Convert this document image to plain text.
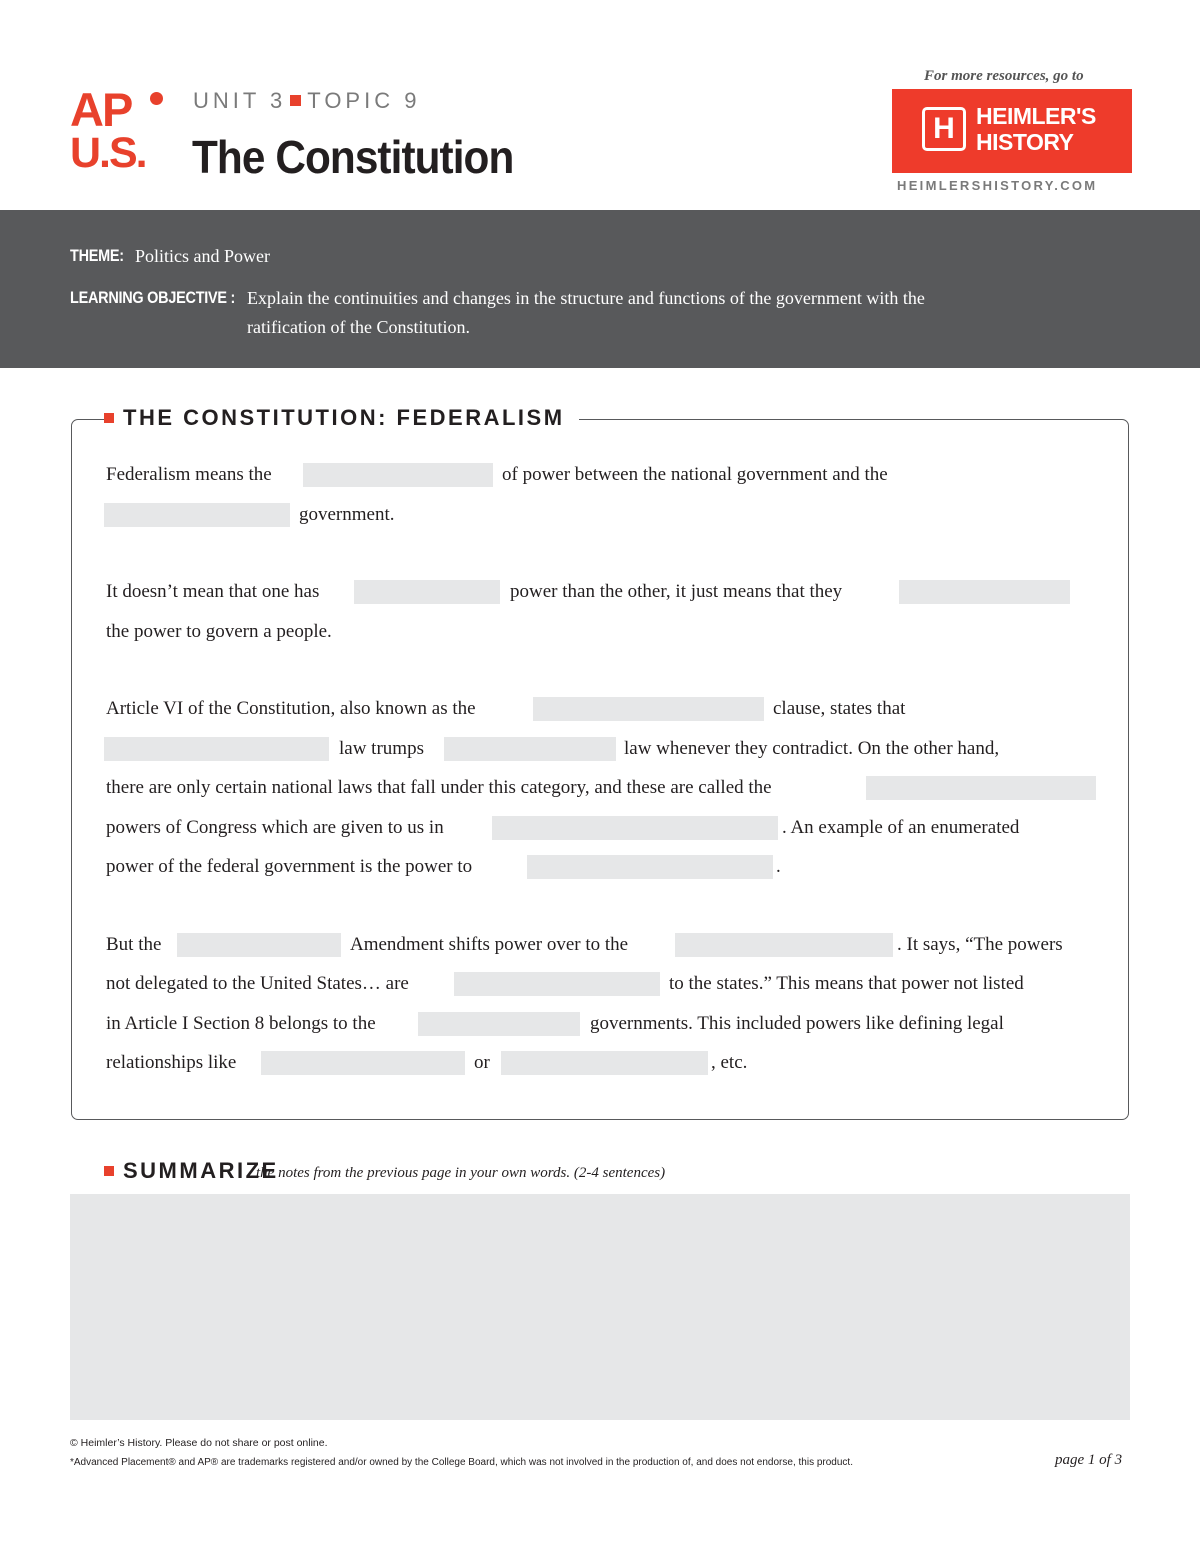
AP
U.S.
UNIT 3 TOPIC 9
The Constitution
For more resources, go to
H HEIMLER'S
HISTORY
HEIMLERSHISTORY.COM
THEME: Politics and Power
LEARNING OBJECTIVE : Explain the continuities and changes in the structure and functions of the government with the
ratification of the Constitution.
THE CONSTITUTION: FEDERALISM
Federalism means the	of power between the national government and the
government.
It doesn’t mean that one has	power than the other, it just means that they
the power to govern a people.
Article VI of the Constitution, also known as the	clause, states that
law trumps	law whenever they contradict. On the other hand,
there are only certain national laws that fall under this category, and these are called the
powers of Congress which are given to us in	. An example of an enumerated
power of the federal government is the power to	.
But the	Amendment shifts power over to the	. It says, “The powers
not delegated to the United States… are	to the states.” This means that power not listed
in Article I Section 8 belongs to the	governments. This included powers like defining legal
relationships like	or	, etc.
SUMMARIZE
the notes from the previous page in your own words. (2-4 sentences)
© Heimler’s History. Please do not share or post online.
*Advanced Placement® and AP® are trademarks registered and/or owned by the College Board, which was not involved in the production of, and does not endorse, this product.	page 1 of 3
